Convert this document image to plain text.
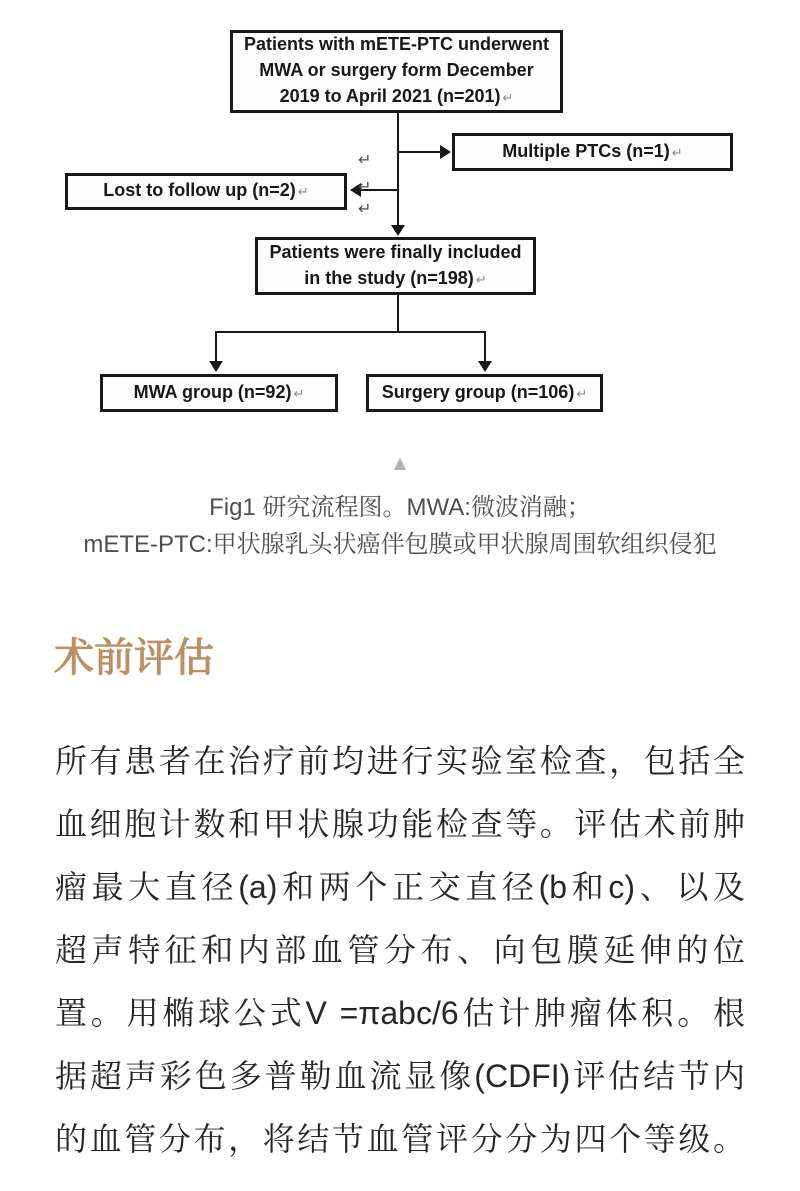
Patients with mETE-PTC underwent
MWA or surgery form December
2019 to April 2021 (n=201) ↵
Multiple PTCs (n=1) ↵
Lost to follow up (n=2) ↵
↵
↵
↵
Patients were finally included
in the study (n=198) ↵
MWA group (n=92) ↵	Surgery group (n=106) ↵
▲
Fig1 研究流程图。MWA:微波消融；
mETE-PTC:甲状腺乳头状癌伴包膜或甲状腺周围软组织侵犯
术前评估
所有患者在治疗前均进行实验室检查，包括全
血细胞计数和甲状腺功能检查等。评估术前肿
瘤最大直径(a)和两个正交直径(b和c)、以及
超声特征和内部血管分布、向包膜延伸的位
置。用椭球公式V =πabc/6估计肿瘤体积。根
据超声彩色多普勒血流显像(CDFI)评估结节内
的血管分布，将结节血管评分分为四个等级。
